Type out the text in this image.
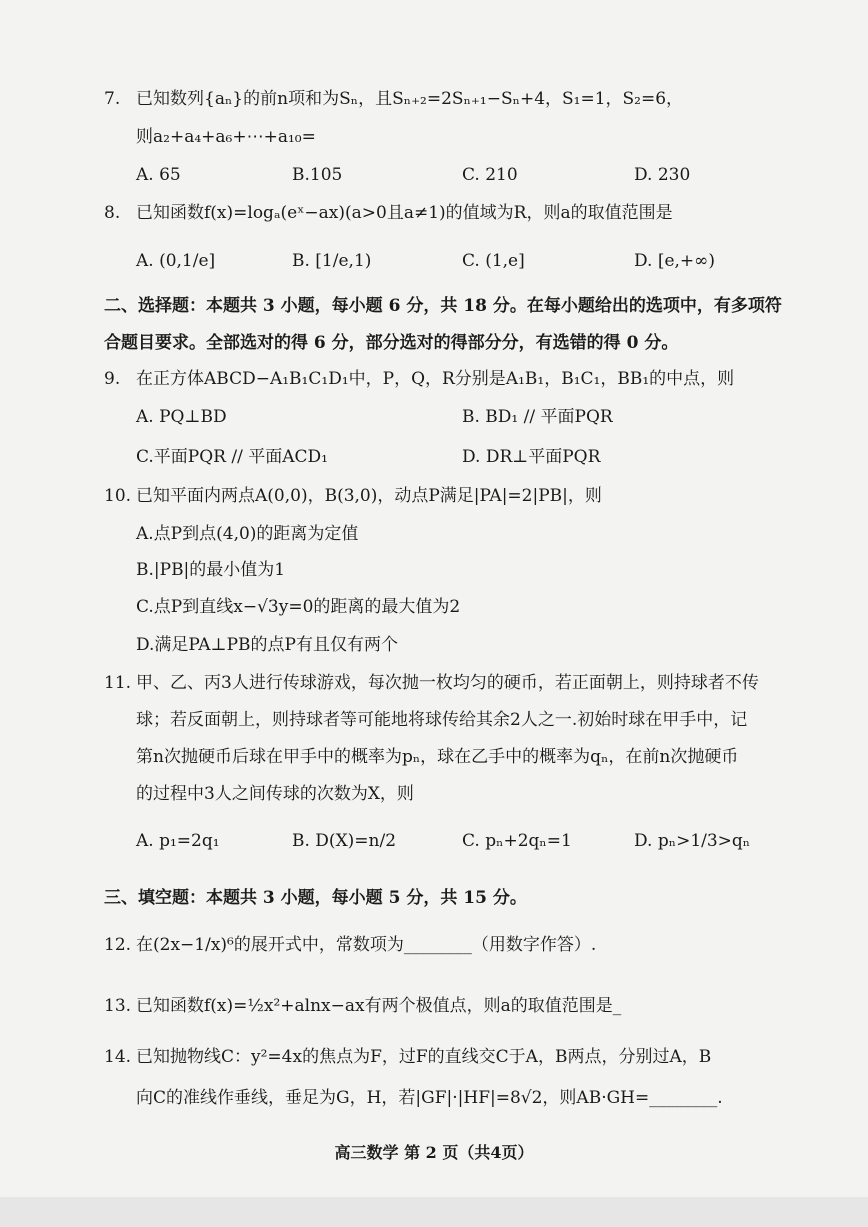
7. 已知数列{aₙ}的前n项和为Sₙ，且Sₙ₊₂=2Sₙ₊₁−Sₙ+4，S₁=1，S₂=6，
则a₂+a₄+a₆+⋯+a₁₀=
A. 65	B.105	C. 210	D. 230
8. 已知函数f(x)=logₐ(eˣ−ax)(a>0且a≠1)的值域为R，则a的取值范围是
A. (0,1/e]	B. [1/e,1)	C. (1,e]	D. [e,+∞)
二、选择题：本题共 3 小题，每小题 6 分，共 18 分。在每小题给出的选项中，有多项符
合题目要求。全部选对的得 6 分，部分选对的得部分分，有选错的得 0 分。
9. 在正方体ABCD−A₁B₁C₁D₁中，P，Q，R分别是A₁B₁，B₁C₁，BB₁的中点，则
A. PQ⊥BD	B. BD₁ // 平面PQR
C.平面PQR // 平面ACD₁	D. DR⊥平面PQR
10. 已知平面内两点A(0,0)，B(3,0)，动点P满足|PA|=2|PB|，则
A.点P到点(4,0)的距离为定值
B.|PB|的最小值为1
C.点P到直线x−√3y=0的距离的最大值为2
D.满足PA⊥PB的点P有且仅有两个
11. 甲、乙、丙3人进行传球游戏，每次抛一枚均匀的硬币，若正面朝上，则持球者不传
球；若反面朝上，则持球者等可能地将球传给其余2人之一.初始时球在甲手中，记
第n次抛硬币后球在甲手中的概率为pₙ，球在乙手中的概率为qₙ，在前n次抛硬币
的过程中3人之间传球的次数为X，则
A. p₁=2q₁	B. D(X)=n/2	C. pₙ+2qₙ=1	D. pₙ>1/3>qₙ
三、填空题：本题共 3 小题，每小题 5 分，共 15 分。
12. 在(2x−1/x)⁶的展开式中，常数项为________（用数字作答）.
13. 已知函数f(x)=½x²+alnx−ax有两个极值点，则a的取值范围是_
14. 已知抛物线C：y²=4x的焦点为F，过F的直线交C于A，B两点，分别过A，B
向C的准线作垂线，垂足为G，H，若|GF|·|HF|=8√2，则AB·GH=________.
高三数学 第 2 页（共4页）
